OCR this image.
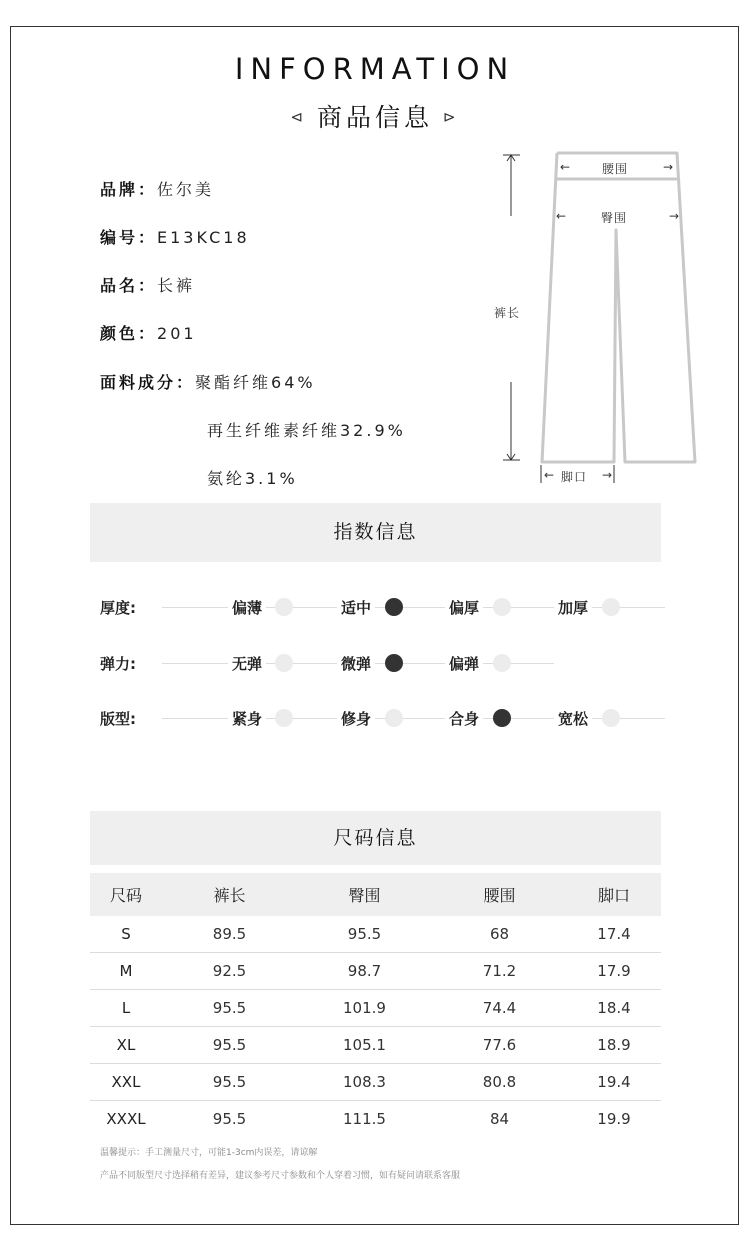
INFORMATION
⊲ 商品信息 ⊳
品牌：佐尔美
编号：E13KC18
品名：长裤
颜色：201
面料成分：聚酯纤维64%
再生纤维素纤维32.9%
氨纶3.1%
←	腰围	→
←	臀围	→
裤长
← 脚口 →
指数信息
厚度:	偏薄	适中	偏厚	加厚
弹力:	无弹	微弹	偏弹
版型:	紧身	修身	合身	宽松
尺码信息
尺码	裤长	臀围	腰围	脚口
S	89.5	95.5	68	17.4
M	92.5	98.7	71.2	17.9
L	95.5	101.9	74.4	18.4
XL	95.5	105.1	77.6	18.9
XXL	95.5	108.3	80.8	19.4
XXXL	95.5	111.5	84	19.9
温馨提示：手工测量尺寸，可能1-3cm内误差，请谅解
产品不同版型尺寸选择稍有差异，建议参考尺寸参数和个人穿着习惯，如有疑问请联系客服
